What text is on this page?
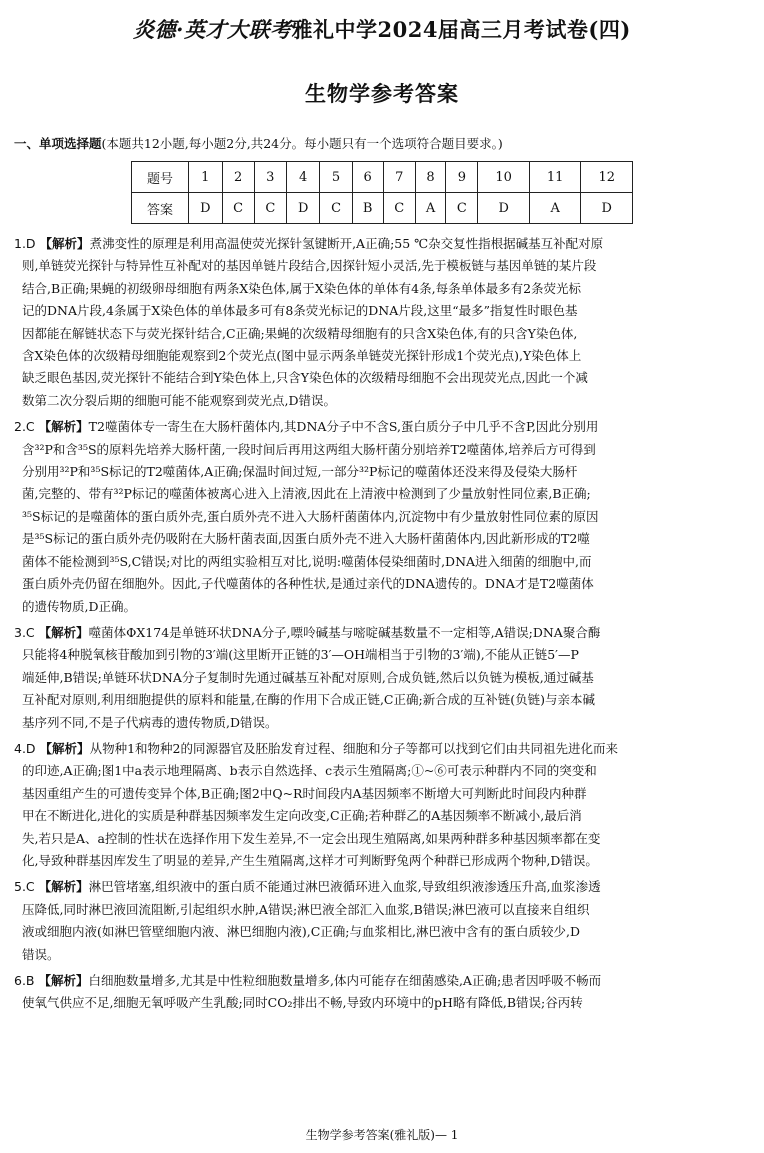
炎德·英才大联考雅礼中学2024届高三月考试卷(四)
生物学参考答案
一、单项选择题(本题共12小题,每小题2分,共24分。每小题只有一个选项符合题目要求。)
题号	1	2	3	4	5	6	7	8	9	10	11	12
答案	D	C	C	D	C	B	C	A	C	D	A	D
1.D 【解析】煮沸变性的原理是利用高温使荧光探针氢键断开,A正确;55 ℃杂交复性指根据碱基互补配对原
则,单链荧光探针与特异性互补配对的基因单链片段结合,因探针短小灵活,先于模板链与基因单链的某片段
结合,B正确;果蝇的初级卵母细胞有两条X染色体,属于X染色体的单体有4条,每条单体最多有2条荧光标
记的DNA片段,4条属于X染色体的单体最多可有8条荧光标记的DNA片段,这里“最多”指复性时眼色基
因都能在解链状态下与荧光探针结合,C正确;果蝇的次级精母细胞有的只含X染色体,有的只含Y染色体,
含X染色体的次级精母细胞能观察到2个荧光点(图中显示两条单链荧光探针形成1个荧光点),Y染色体上
缺乏眼色基因,荧光探针不能结合到Y染色体上,只含Y染色体的次级精母细胞不会出现荧光点,因此一个减
数第二次分裂后期的细胞可能不能观察到荧光点,D错误。
2.C 【解析】T2噬菌体专一寄生在大肠杆菌体内,其DNA分子中不含S,蛋白质分子中几乎不含P,因此分别用
含³²P和含³⁵S的原料先培养大肠杆菌,一段时间后再用这两组大肠杆菌分别培养T2噬菌体,培养后方可得到
分别用³²P和³⁵S标记的T2噬菌体,A正确;保温时间过短,一部分³²P标记的噬菌体还没来得及侵染大肠杆
菌,完整的、带有³²P标记的噬菌体被离心进入上清液,因此在上清液中检测到了少量放射性同位素,B正确;
³⁵S标记的是噬菌体的蛋白质外壳,蛋白质外壳不进入大肠杆菌菌体内,沉淀物中有少量放射性同位素的原因
是³⁵S标记的蛋白质外壳仍吸附在大肠杆菌表面,因蛋白质外壳不进入大肠杆菌菌体内,因此新形成的T2噬
菌体不能检测到³⁵S,C错误;对比的两组实验相互对比,说明:噬菌体侵染细菌时,DNA进入细菌的细胞中,而
蛋白质外壳仍留在细胞外。因此,子代噬菌体的各种性状,是通过亲代的DNA遗传的。DNA才是T2噬菌体
的遗传物质,D正确。
3.C 【解析】噬菌体ΦX174是单链环状DNA分子,嘌呤碱基与嘧啶碱基数量不一定相等,A错误;DNA聚合酶
只能将4种脱氧核苷酸加到引物的3′端(这里断开正链的3′—OH端相当于引物的3′端),不能从正链5′—P
端延伸,B错误;单链环状DNA分子复制时先通过碱基互补配对原则,合成负链,然后以负链为模板,通过碱基
互补配对原则,利用细胞提供的原料和能量,在酶的作用下合成正链,C正确;新合成的互补链(负链)与亲本碱
基序列不同,不是子代病毒的遗传物质,D错误。
4.D 【解析】从物种1和物种2的同源器官及胚胎发育过程、细胞和分子等都可以找到它们由共同祖先进化而来
的印迹,A正确;图1中a表示地理隔离、b表示自然选择、c表示生殖隔离;①~⑥可表示种群内不同的突变和
基因重组产生的可遗传变异个体,B正确;图2中Q~R时间段内A基因频率不断增大可判断此时间段内种群
甲在不断进化,进化的实质是种群基因频率发生定向改变,C正确;若种群乙的A基因频率不断减小,最后消
失,若只是A、a控制的性状在选择作用下发生差异,不一定会出现生殖隔离,如果两种群多种基因频率都在变
化,导致种群基因库发生了明显的差异,产生生殖隔离,这样才可判断野兔两个种群已形成两个物种,D错误。
5.C 【解析】淋巴管堵塞,组织液中的蛋白质不能通过淋巴液循环进入血浆,导致组织液渗透压升高,血浆渗透
压降低,同时淋巴液回流阻断,引起组织水肿,A错误;淋巴液全部汇入血浆,B错误;淋巴液可以直接来自组织
液或细胞内液(如淋巴管壁细胞内液、淋巴细胞内液),C正确;与血浆相比,淋巴液中含有的蛋白质较少,D
错误。
6.B 【解析】白细胞数量增多,尤其是中性粒细胞数量增多,体内可能存在细菌感染,A正确;患者因呼吸不畅而
使氧气供应不足,细胞无氧呼吸产生乳酸;同时CO₂排出不畅,导致内环境中的pH略有降低,B错误;谷丙转
生物学参考答案(雅礼版)— 1
